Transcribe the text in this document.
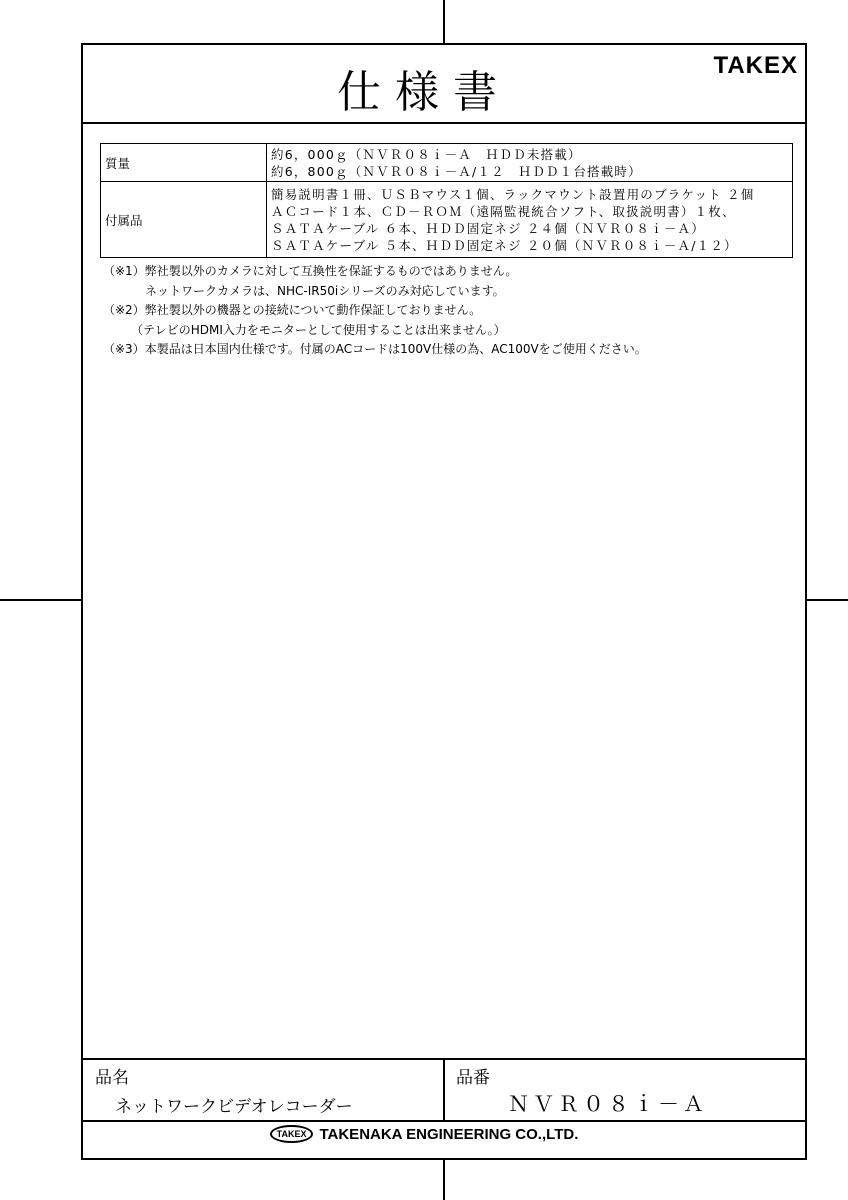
仕様書
TAKEX
質量	約6，000ｇ（ＮＶＲ０８ｉ－Ａ　ＨＤＤ未搭載）
約6，800ｇ（ＮＶＲ０８ｉ－Ａ/１２　ＨＤＤ１台搭載時）

付属品	簡易説明書１冊、ＵＳＢマウス１個、ラックマウント設置用のブラケット ２個
ＡＣコード１本、ＣＤ－ＲＯＭ（遠隔監視統合ソフト、取扱説明書）１枚、
ＳＡＴＡケーブル ６本、ＨＤＤ固定ネジ ２４個（ＮＶＲ０８ｉ－Ａ）
ＳＡＴＡケーブル ５本、ＨＤＤ固定ネジ ２０個（ＮＶＲ０８ｉ－Ａ/１２）
（※1）弊社製以外のカメラに対して互換性を保証するものではありません。
ネットワークカメラは、NHC-IR50iシリーズのみ対応しています。
（※2）弊社製以外の機器との接続について動作保証しておりません。
（テレビのHDMI入力をモニターとして使用することは出来ません。）
（※3）本製品は日本国内仕様です。付属のACコードは100V仕様の為、AC100Vをご使用ください。
品名
ネットワークビデオレコーダー
品番
ＮＶＲ０８ｉ－Ａ
TAKEX TAKENAKA ENGINEERING CO.,LTD.
